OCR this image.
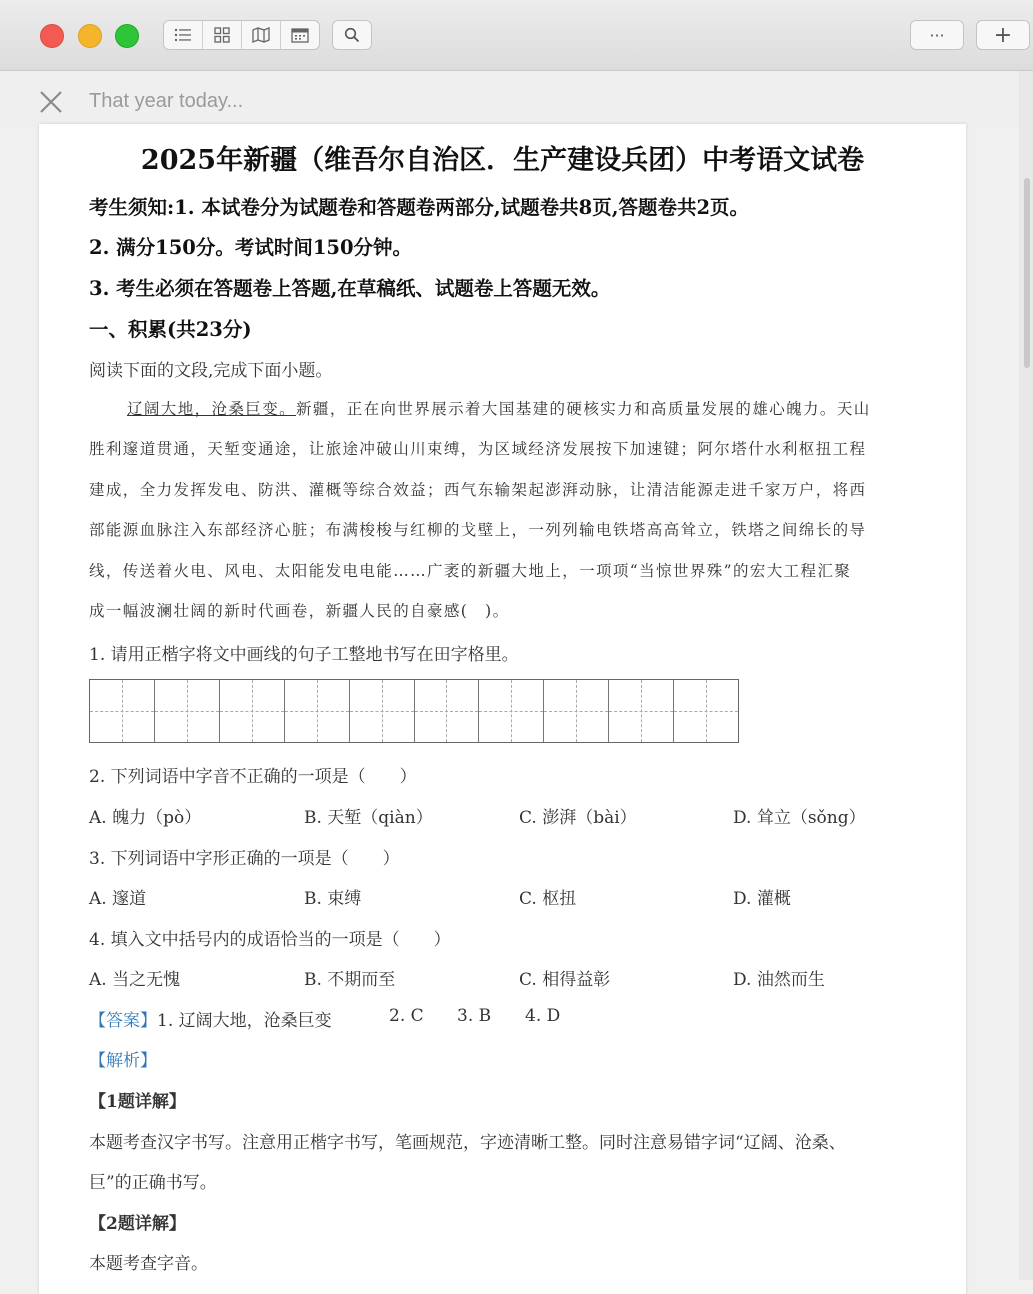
···	+
That year today...
2025年新疆（维吾尔自治区．生产建设兵团）中考语文试卷
考生须知:1. 本试卷分为试题卷和答题卷两部分,试题卷共8页,答题卷共2页。
2. 满分150分。考试时间150分钟。
3. 考生必须在答题卷上答题,在草稿纸、试题卷上答题无效。
一、积累(共23分)
阅读下面的文段,完成下面小题。
辽阔大地，沧桑巨变。新疆，正在向世界展示着大国基建的硬核实力和高质量发展的雄心魄力。天山
胜利邃道贯通，天堑变通途，让旅途冲破山川束缚，为区域经济发展按下加速键；阿尔塔什水利枢扭工程
建成，全力发挥发电、防洪、灌概等综合效益；西气东输架起澎湃动脉，让清洁能源走进千家万户，将西
部能源血脉注入东部经济心脏；布满梭梭与红柳的戈壁上，一列列输电铁塔高高耸立，铁塔之间绵长的导
线，传送着火电、风电、太阳能发电电能……广袤的新疆大地上，一项项“当惊世界殊”的宏大工程汇聚
成一幅波澜壮阔的新时代画卷，新疆人民的自豪感(　)。
1. 请用正楷字将文中画线的句子工整地书写在田字格里。
2. 下列词语中字音不正确的一项是（　　）
A. 魄力（pò）	B. 天堑（qiàn）	C. 澎湃（bài）	D. 耸立（sǒng）
3. 下列词语中字形正确的一项是（　　）
A. 邃道	B. 束缚	C. 枢扭	D. 灌概
4. 填入文中括号内的成语恰当的一项是（　　）
A. 当之无愧	B. 不期而至	C. 相得益彰	D. 油然而生
【答案】1. 辽阔大地，沧桑巨变	2. C 3. B 4. D
【解析】
【1题详解】
本题考查汉字书写。注意用正楷字书写，笔画规范，字迹清晰工整。同时注意易错字词“辽阔、沧桑、
巨”的正确书写。
【2题详解】
本题考查字音。
